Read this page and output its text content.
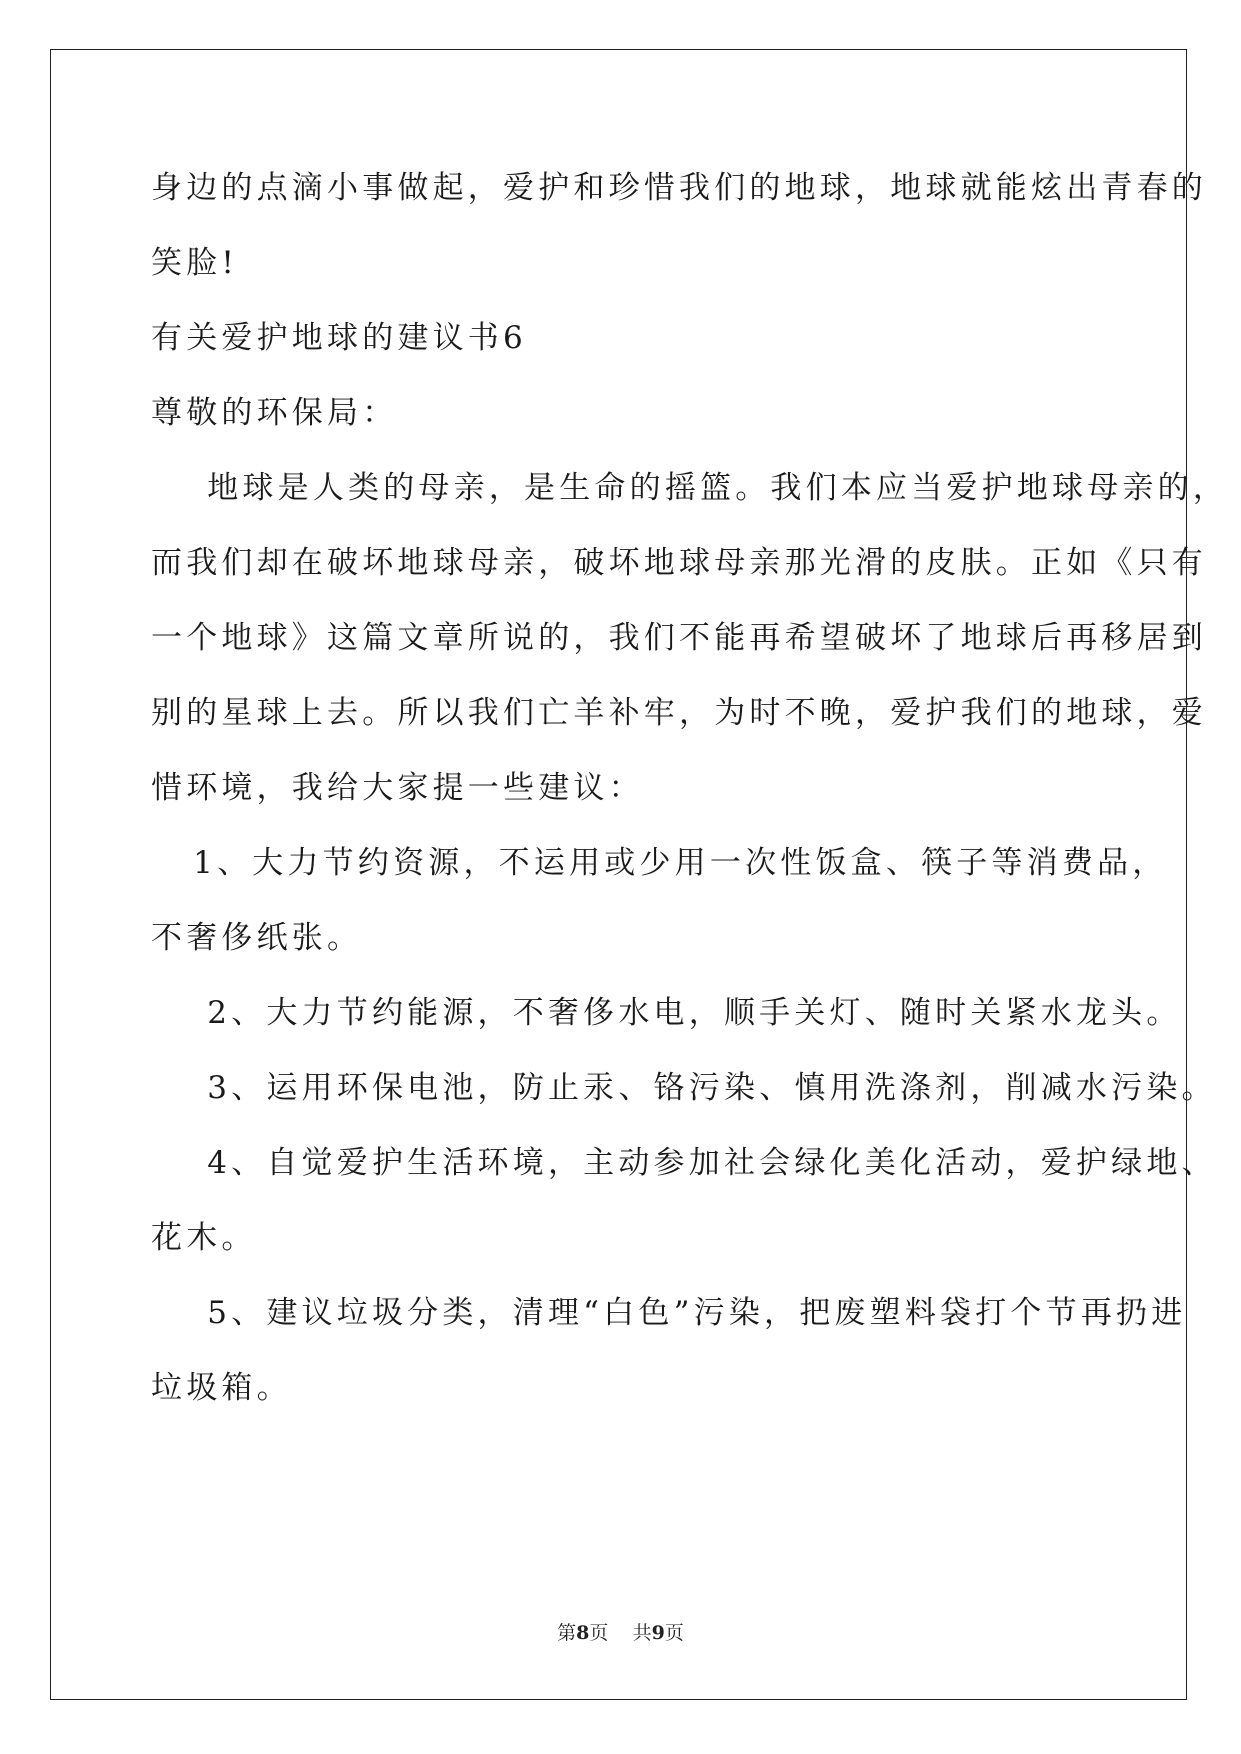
身边的点滴小事做起，爱护和珍惜我们的地球，地球就能炫出青春的
笑脸!
有关爱护地球的建议书6
尊敬的环保局：
地球是人类的母亲，是生命的摇篮。我们本应当爱护地球母亲的，
而我们却在破坏地球母亲，破坏地球母亲那光滑的皮肤。正如《只有
一个地球》这篇文章所说的，我们不能再希望破坏了地球后再移居到
别的星球上去。所以我们亡羊补牢，为时不晚，爱护我们的地球，爱
惜环境，我给大家提一些建议：
1、大力节约资源，不运用或少用一次性饭盒、筷子等消费品，
不奢侈纸张。
2、大力节约能源，不奢侈水电，顺手关灯、随时关紧水龙头。
3、运用环保电池，防止汞、铬污染、慎用洗涤剂，削减水污染。
4、自觉爱护生活环境，主动参加社会绿化美化活动，爱护绿地、
花木。
5、建议垃圾分类，清理“白色”污染，把废塑料袋打个节再扔进
垃圾箱。
第8页 共9页
